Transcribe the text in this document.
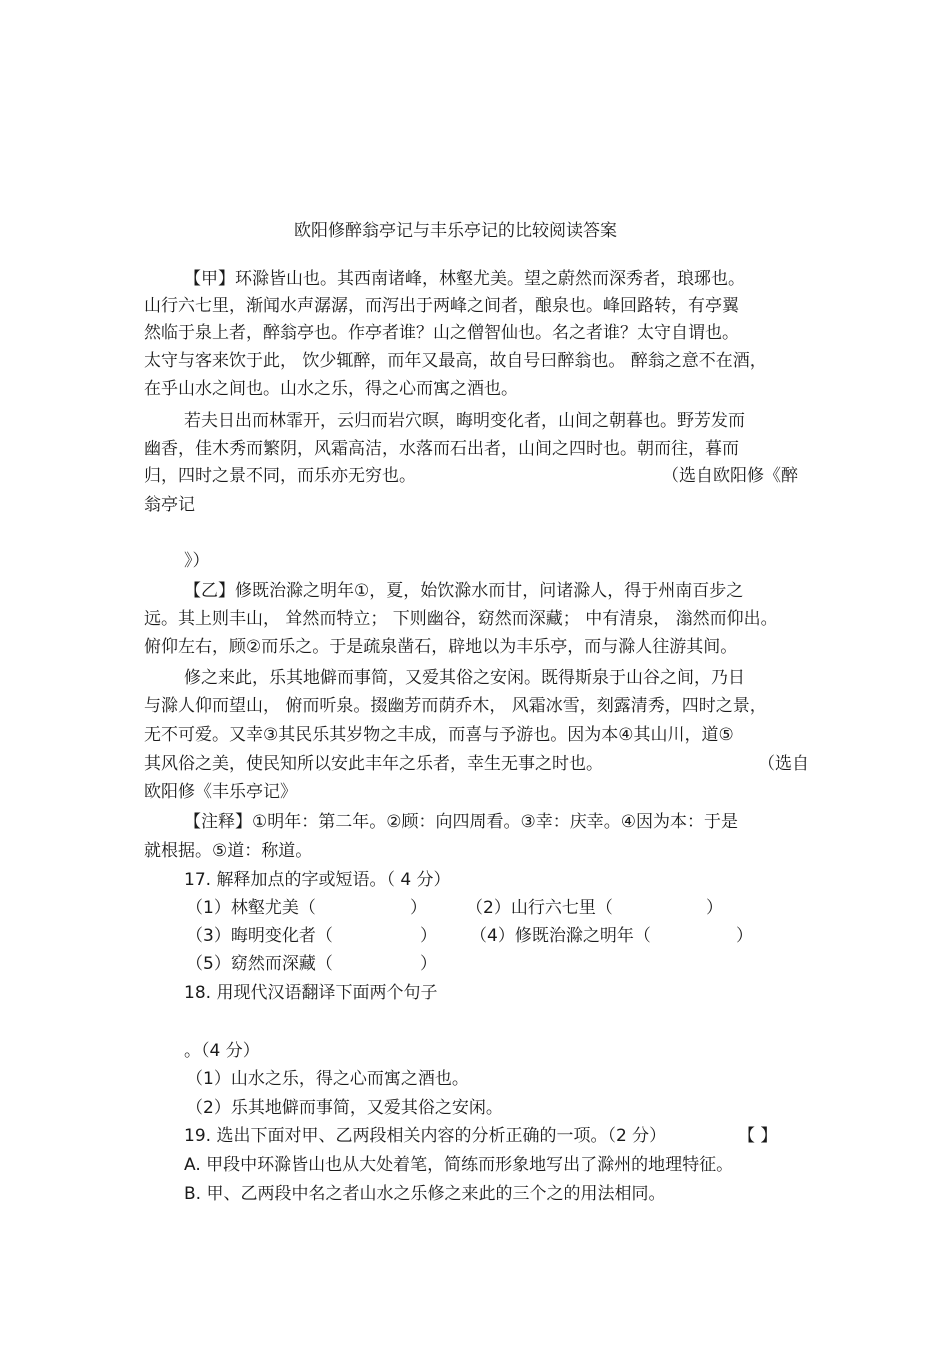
欧阳修醉翁亭记与丰乐亭记的比较阅读答案
【甲】环滁皆山也。其西南诸峰，林壑尤美。望之蔚然而深秀者，琅琊也。
山行六七里，渐闻水声潺潺，而泻出于两峰之间者，酿泉也。峰回路转，有亭翼
然临于泉上者，醉翁亭也。作亭者谁？山之僧智仙也。名之者谁？太守自谓也。
太守与客来饮于此， 饮少辄醉，而年又最高，故自号曰醉翁也。 醉翁之意不在酒，
在乎山水之间也。山水之乐，得之心而寓之酒也。
若夫日出而林霏开，云归而岩穴暝，晦明变化者，山间之朝暮也。野芳发而
幽香，佳木秀而繁阴，风霜高洁，水落而石出者，山间之四时也。朝而往，暮而
归，四时之景不同，而乐亦无穷也。	（选自欧阳修《醉
翁亭记
》）
【乙】修既治滁之明年①，夏，始饮滁水而甘，问诸滁人，得于州南百步之
远。其上则丰山， 耸然而特立； 下则幽谷，窈然而深藏； 中有清泉， 滃然而仰出。
俯仰左右，顾②而乐之。于是疏泉凿石，辟地以为丰乐亭，而与滁人往游其间。
修之来此，乐其地僻而事简，又爱其俗之安闲。既得斯泉于山谷之间，乃日
与滁人仰而望山， 俯而听泉。掇幽芳而荫乔木， 风霜冰雪，刻露清秀，四时之景，
无不可爱。又幸③其民乐其岁物之丰成，而喜与予游也。因为本④其山川，道⑤
其风俗之美，使民知所以安此丰年之乐者，幸生无事之时也。	（选自
欧阳修《丰乐亭记》
【注释】①明年：第二年。②顾：向四周看。③幸：庆幸。④因为本：于是
就根据。⑤道：称道。
17. 解释加点的字或短语。（ 4 分）
（1）林壑尤美（	） （2）山行六七里（	）
（3）晦明变化者（	） （4）修既治滁之明年（	）
（5）窈然而深藏（	）
18. 用现代汉语翻译下面两个句子
。（4 分）
（1）山水之乐，得之心而寓之酒也。
（2）乐其地僻而事简，又爱其俗之安闲。
19. 选出下面对甲、乙两段相关内容的分析正确的一项。（2 分）	【 】
A. 甲段中环滁皆山也从大处着笔，简练而形象地写出了滁州的地理特征。
B. 甲、乙两段中名之者山水之乐修之来此的三个之的用法相同。
